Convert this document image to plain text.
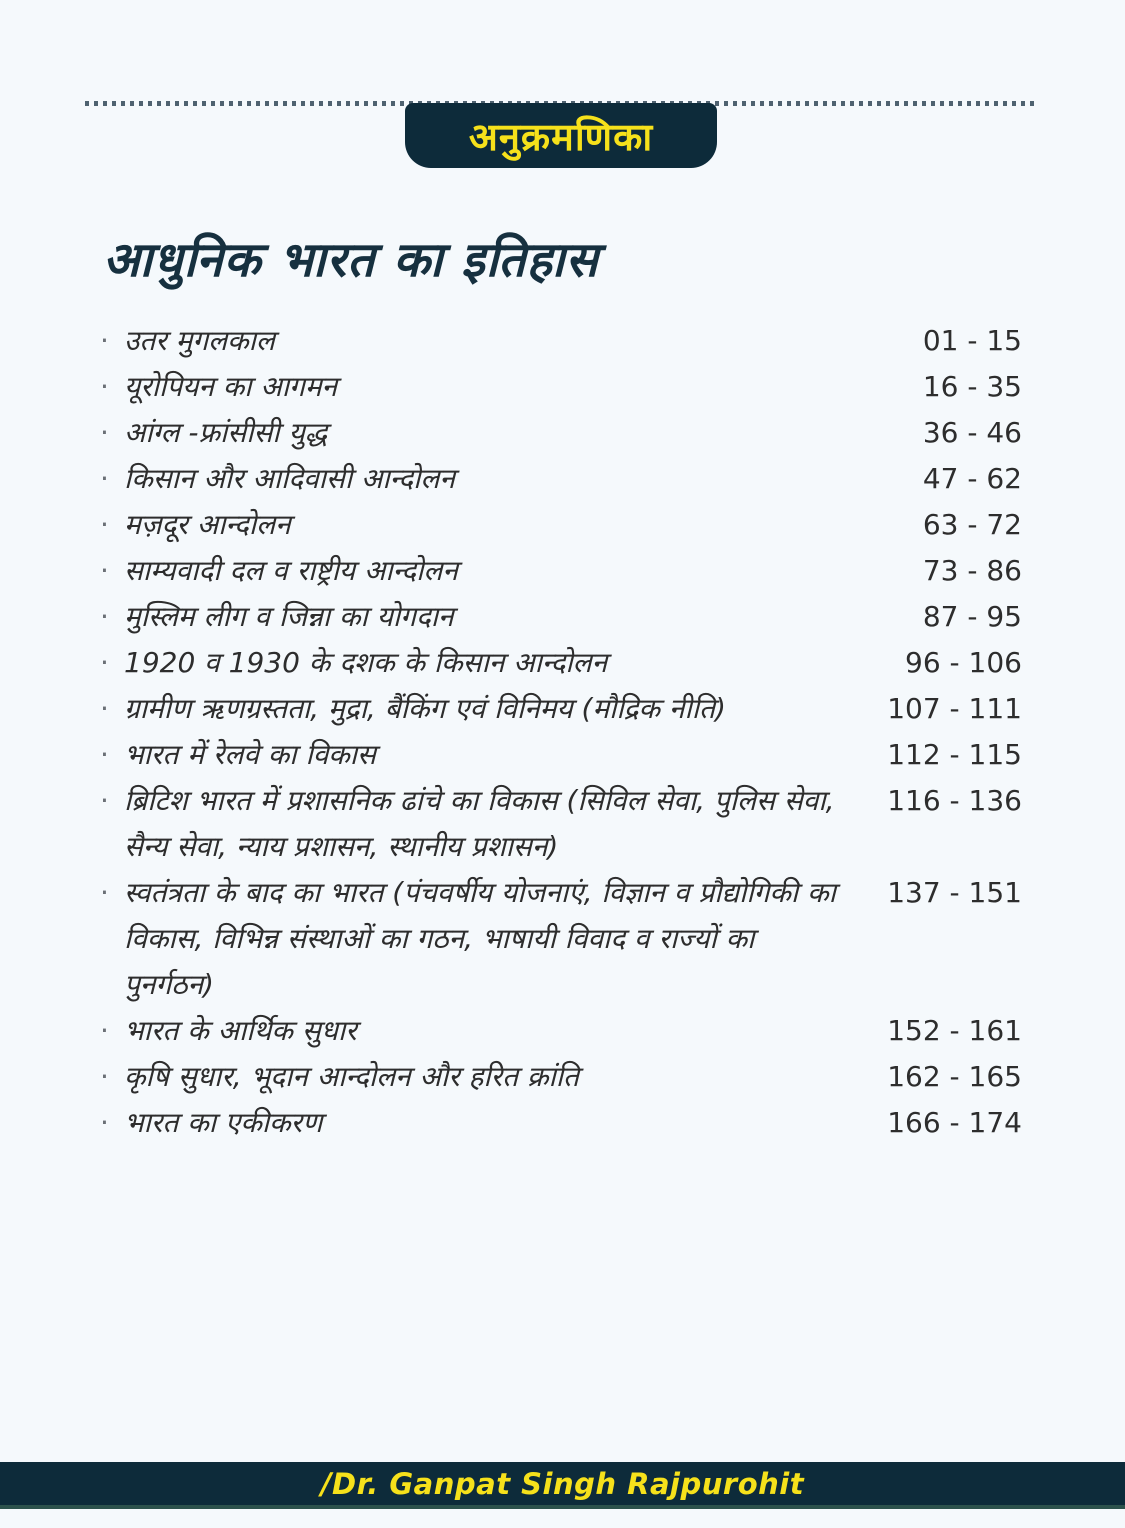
अनुक्रमणिका
आधुनिक भारत का इतिहास
· उतर मुगलकाल	01 - 15
· यूरोपियन का आगमन	16 - 35
· आंग्ल -फ्रांसीसी युद्ध	36 - 46
· किसान और आदिवासी आन्दोलन	47 - 62
· मज़दूर आन्दोलन	63 - 72
· साम्यवादी दल व राष्ट्रीय आन्दोलन	73 - 86
· मुस्लिम लीग व जिन्ना का योगदान	87 - 95
· 1920 व 1930 के दशक के किसान आन्दोलन	96 - 106
· ग्रामीण ऋणग्रस्तता, मुद्रा, बैंकिंग एवं विनिमय (मौद्रिक नीति)	107 - 111
· भारत में रेलवे का विकास	112 - 115
· ब्रिटिश भारत में प्रशासनिक ढांचे का विकास (सिविल सेवा, पुलिस सेवा, सैन्य सेवा, न्याय प्रशासन, स्थानीय प्रशासन)
116 - 136
· स्वतंत्रता के बाद का भारत (पंचवर्षीय योजनाएं, विज्ञान व प्रौद्योगिकी का विकास, विभिन्न संस्थाओं का गठन, भाषायी विवाद व राज्यों का पुनर्गठन)
137 - 151
· भारत के आर्थिक सुधार	152 - 161
· कृषि सुधार, भूदान आन्दोलन और हरित क्रांति	162 - 165
· भारत का एकीकरण	166 - 174
/Dr. Ganpat Singh Rajpurohit
